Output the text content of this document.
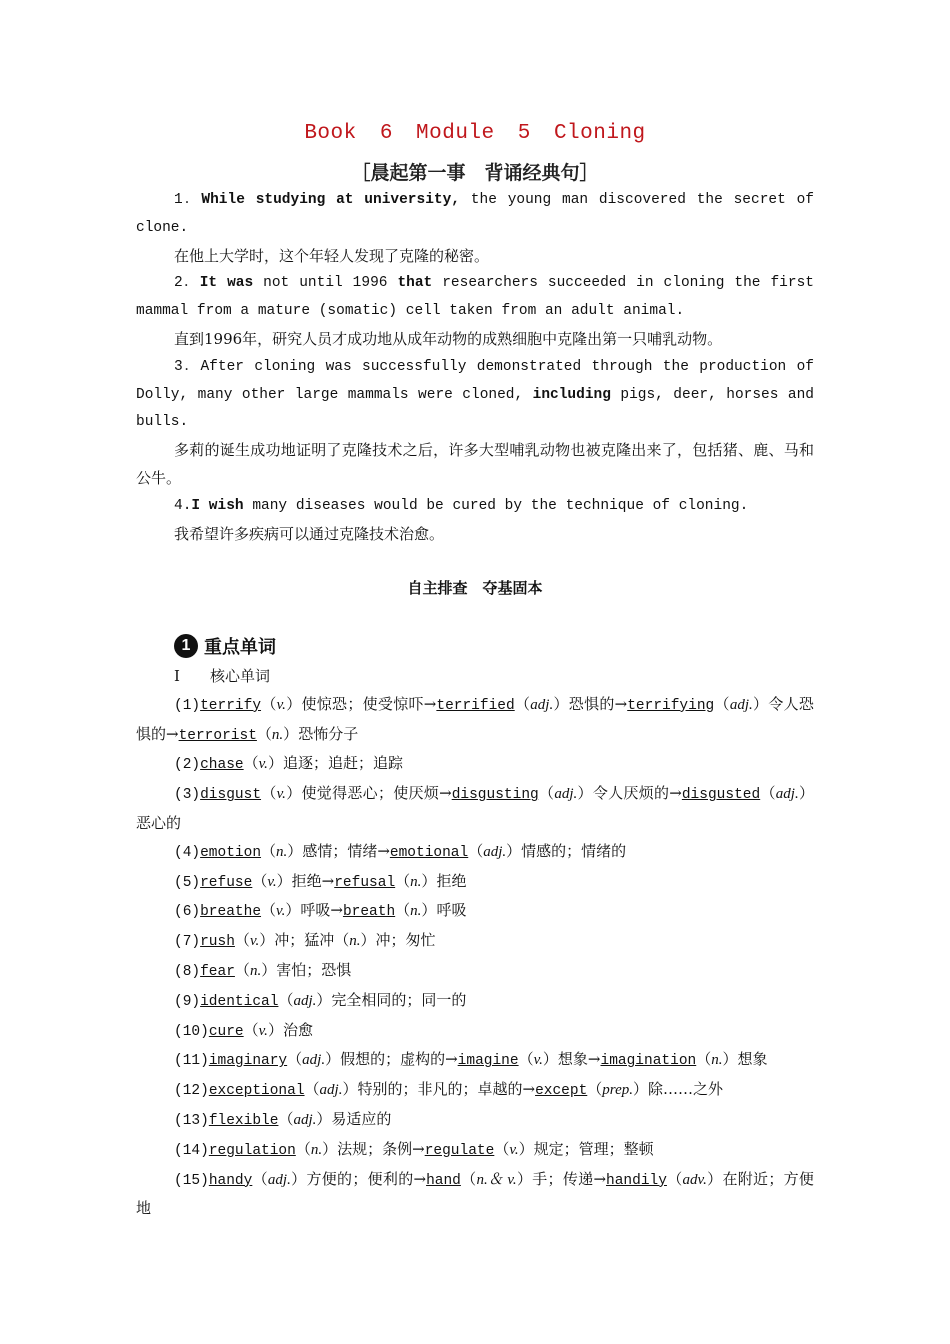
Book 6 Module 5 Cloning
［晨起第一事　背诵经典句］

1．While studying at university, the young man discovered the secret of clone.

在他上大学时，这个年轻人发现了克隆的秘密。

2．It was not until 1996 that researchers succeeded in cloning the first mammal from a mature (somatic) cell taken from an adult animal.

直到1996年，研究人员才成功地从成年动物的成熟细胞中克隆出第一只哺乳动物。

3．After cloning was successfully demonstrated through the production of Dolly, many other large mammals were cloned, including pigs, deer, horses and bulls.

多莉的诞生成功地证明了克隆技术之后，许多大型哺乳动物也被克隆出来了，包括猪、鹿、马和公牛。

4.I wish many diseases would be cured by the technique of cloning.

我希望许多疾病可以通过克隆技术治愈。

自主排查　夺基固本
1 重点单词

Ⅰ　　 核心单词

(1)terrify（v.）使惊恐；使受惊吓→terrified（adj.）恐惧的→terrifying（adj.）令人恐惧的→terrorist（n.）恐怖分子

(2)chase（v.）追逐；追赶；追踪

(3)disgust（v.）使觉得恶心；使厌烦→disgusting（adj.）令人厌烦的→disgusted（adj.）恶心的

(4)emotion（n.）感情；情绪→emotional（adj.）情感的；情绪的

(5)refuse（v.）拒绝→refusal（n.）拒绝

(6)breathe（v.）呼吸→breath（n.）呼吸

(7)rush（v.）冲；猛冲（n.）冲；匆忙

(8)fear（n.）害怕；恐惧

(9)identical（adj.）完全相同的；同一的

(10)cure（v.）治愈

(11)imaginary（adj.）假想的；虚构的→imagine（v.）想象→imagination（n.）想象

(12)exceptional（adj.）特别的；非凡的；卓越的→except（prep.）除……之外

(13)flexible（adj.）易适应的

(14)regulation（n.）法规；条例→regulate（v.）规定；管理；整顿

(15)handy（adj.）方便的；便利的→hand（n.＆ v.）手；传递→handily（adv.）在附近；方便地
